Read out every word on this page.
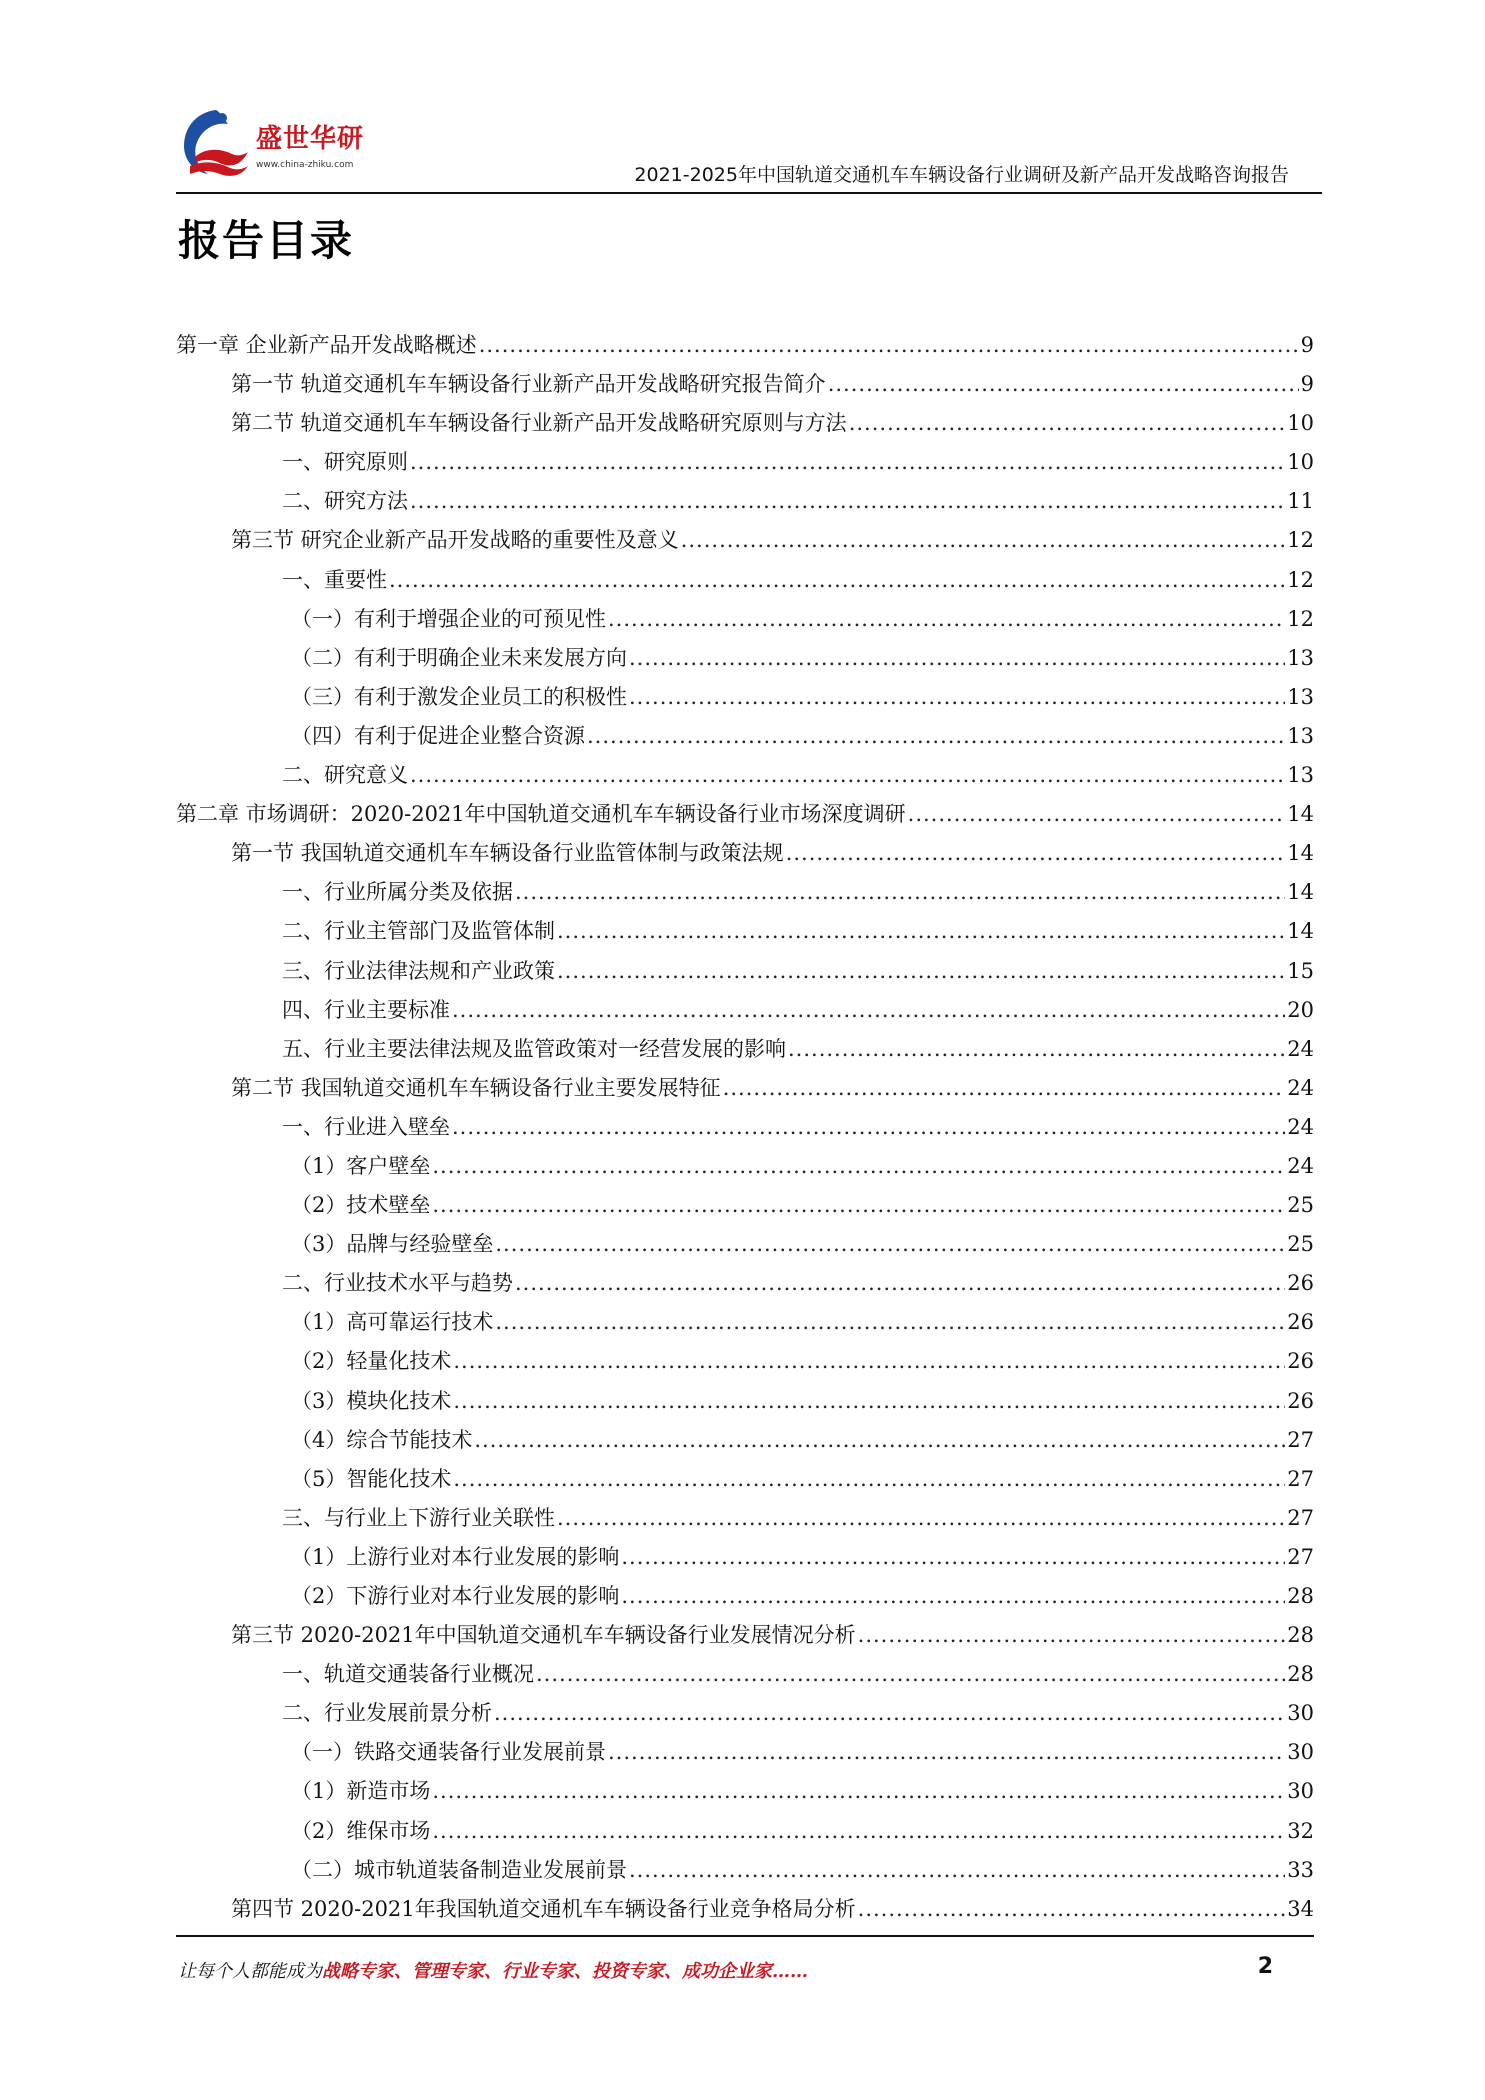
盛世华研
www.china-zhiku.com	2021-2025年中国轨道交通机车车辆设备行业调研及新产品开发战略咨询报告
报告目录
第一章 企业新产品开发战略概述 .....	9
第一节 轨道交通机车车辆设备行业新产品开发战略研究报告简介 .....	9
第二节 轨道交通机车车辆设备行业新产品开发战略研究原则与方法 .....	10
一、研究原则 .....	10
二、研究方法 .....	11
第三节 研究企业新产品开发战略的重要性及意义 .....	12
一、重要性 .....	12
（一）有利于增强企业的可预见性 .....	12
（二）有利于明确企业未来发展方向 .....	13
（三）有利于激发企业员工的积极性 .....	13
（四）有利于促进企业整合资源 .....	13
二、研究意义 .....	13
第二章 市场调研：2020-2021年中国轨道交通机车车辆设备行业市场深度调研 .....	14
第一节 我国轨道交通机车车辆设备行业监管体制与政策法规 .....	14
一、行业所属分类及依据 .....	14
二、行业主管部门及监管体制 .....	14
三、行业法律法规和产业政策 .....	15
四、行业主要标准 .....	20
五、行业主要法律法规及监管政策对一经营发展的影响 .....	24
第二节 我国轨道交通机车车辆设备行业主要发展特征 .....	24
一、行业进入壁垒 .....	24
（1）客户壁垒 .....	24
（2）技术壁垒 .....	25
（3）品牌与经验壁垒 .....	25
二、行业技术水平与趋势 .....	26
（1）高可靠运行技术 .....	26
（2）轻量化技术 .....	26
（3）模块化技术 .....	26
（4）综合节能技术 .....	27
（5）智能化技术 .....	27
三、与行业上下游行业关联性 .....	27
（1）上游行业对本行业发展的影响 .....	27
（2）下游行业对本行业发展的影响 .....	28
第三节 2020-2021年中国轨道交通机车车辆设备行业发展情况分析 .....	28
一、轨道交通装备行业概况 .....	28
二、行业发展前景分析 .....	30
（一）铁路交通装备行业发展前景 .....	30
（1）新造市场 .....	30
（2）维保市场 .....	32
（二）城市轨道装备制造业发展前景 .....	33
第四节 2020-2021年我国轨道交通机车车辆设备行业竞争格局分析 .....	34
让每个人都能成为战略专家、管理专家、行业专家、投资专家、成功企业家……	2
